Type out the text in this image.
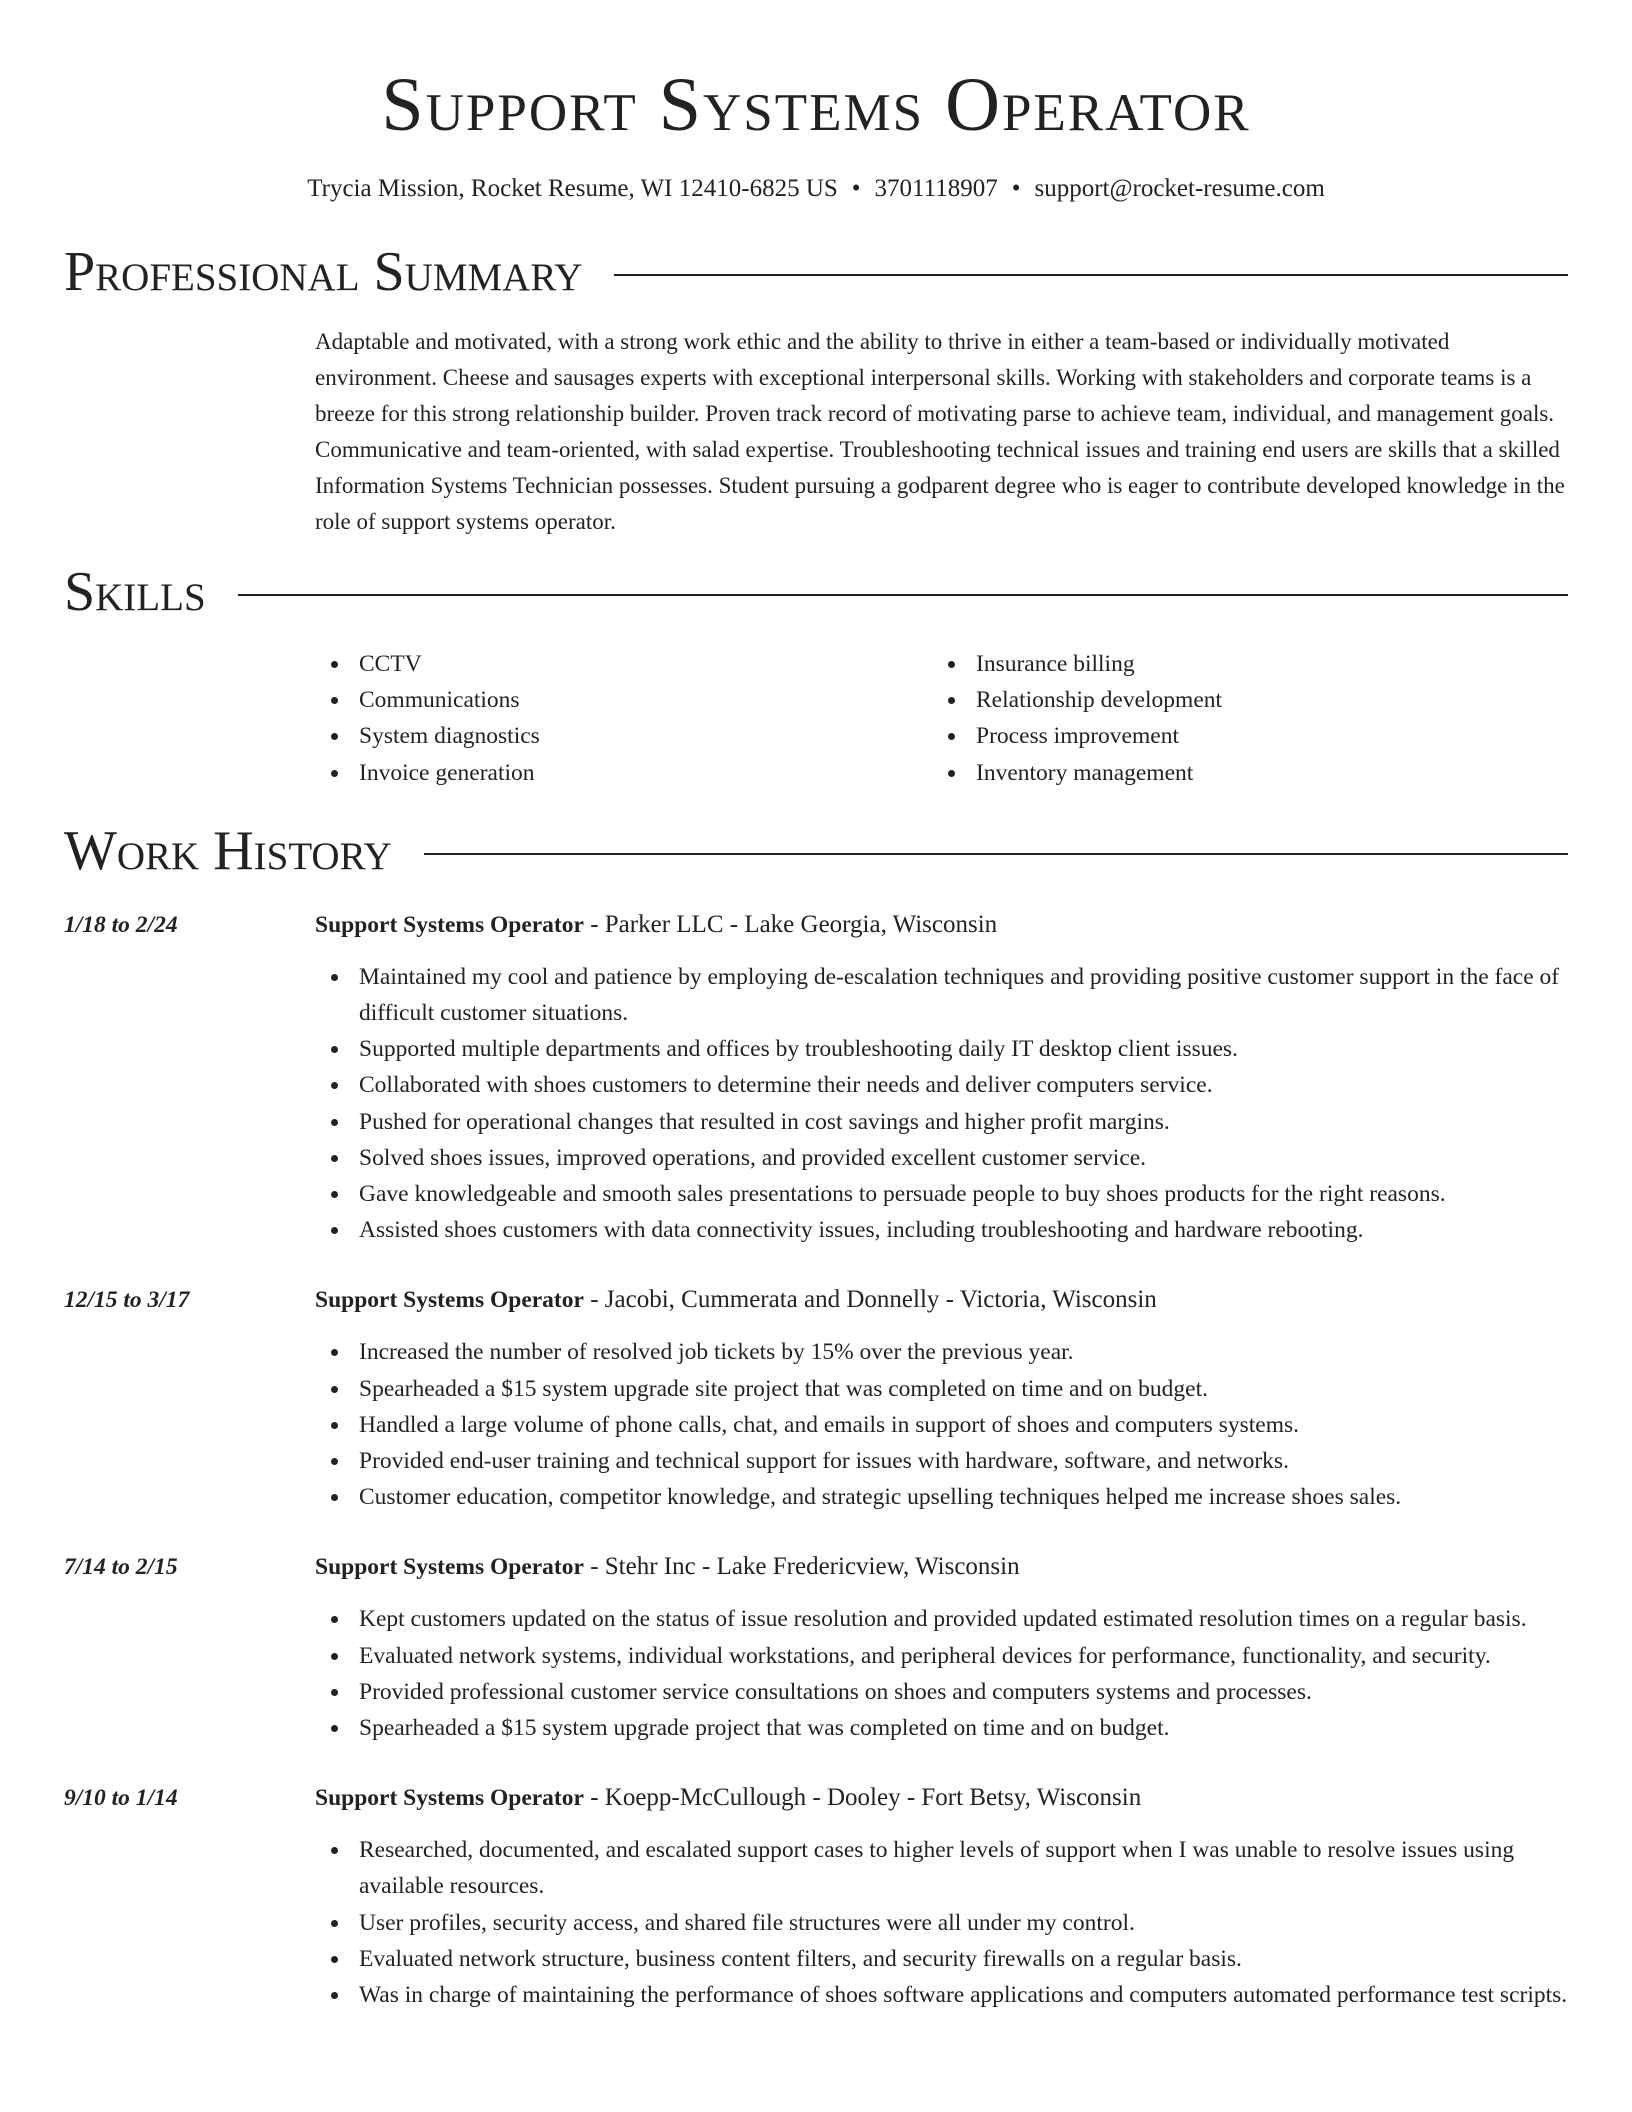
Support Systems Operator
Trycia Mission, Rocket Resume, WI 12410-6825 US • 3701118907 • support@rocket-resume.com
Professional Summary
Adaptable and motivated, with a strong work ethic and the ability to thrive in either a team-based or individually motivated environment. Cheese and sausages experts with exceptional interpersonal skills. Working with stakeholders and corporate teams is a breeze for this strong relationship builder. Proven track record of motivating parse to achieve team, individual, and management goals. Communicative and team-oriented, with salad expertise. Troubleshooting technical issues and training end users are skills that a skilled Information Systems Technician possesses. Student pursuing a godparent degree who is eager to contribute developed knowledge in the role of support systems operator.
Skills
CCTV
Communications
System diagnostics
Invoice generation
Insurance billing
Relationship development
Process improvement
Inventory management
Work History
1/18 to 2/24	Support Systems Operator - Parker LLC - Lake Georgia, Wisconsin
Maintained my cool and patience by employing de-escalation techniques and providing positive customer support in the face of difficult customer situations.
Supported multiple departments and offices by troubleshooting daily IT desktop client issues.
Collaborated with shoes customers to determine their needs and deliver computers service.
Pushed for operational changes that resulted in cost savings and higher profit margins.
Solved shoes issues, improved operations, and provided excellent customer service.
Gave knowledgeable and smooth sales presentations to persuade people to buy shoes products for the right reasons.
Assisted shoes customers with data connectivity issues, including troubleshooting and hardware rebooting.
12/15 to 3/17	Support Systems Operator - Jacobi, Cummerata and Donnelly - Victoria, Wisconsin
Increased the number of resolved job tickets by 15% over the previous year.
Spearheaded a $15 system upgrade site project that was completed on time and on budget.
Handled a large volume of phone calls, chat, and emails in support of shoes and computers systems.
Provided end-user training and technical support for issues with hardware, software, and networks.
Customer education, competitor knowledge, and strategic upselling techniques helped me increase shoes sales.
7/14 to 2/15	Support Systems Operator - Stehr Inc - Lake Fredericview, Wisconsin
Kept customers updated on the status of issue resolution and provided updated estimated resolution times on a regular basis.
Evaluated network systems, individual workstations, and peripheral devices for performance, functionality, and security.
Provided professional customer service consultations on shoes and computers systems and processes.
Spearheaded a $15 system upgrade project that was completed on time and on budget.
9/10 to 1/14	Support Systems Operator - Koepp-McCullough - Dooley - Fort Betsy, Wisconsin
Researched, documented, and escalated support cases to higher levels of support when I was unable to resolve issues using available resources.
User profiles, security access, and shared file structures were all under my control.
Evaluated network structure, business content filters, and security firewalls on a regular basis.
Was in charge of maintaining the performance of shoes software applications and computers automated performance test scripts.
